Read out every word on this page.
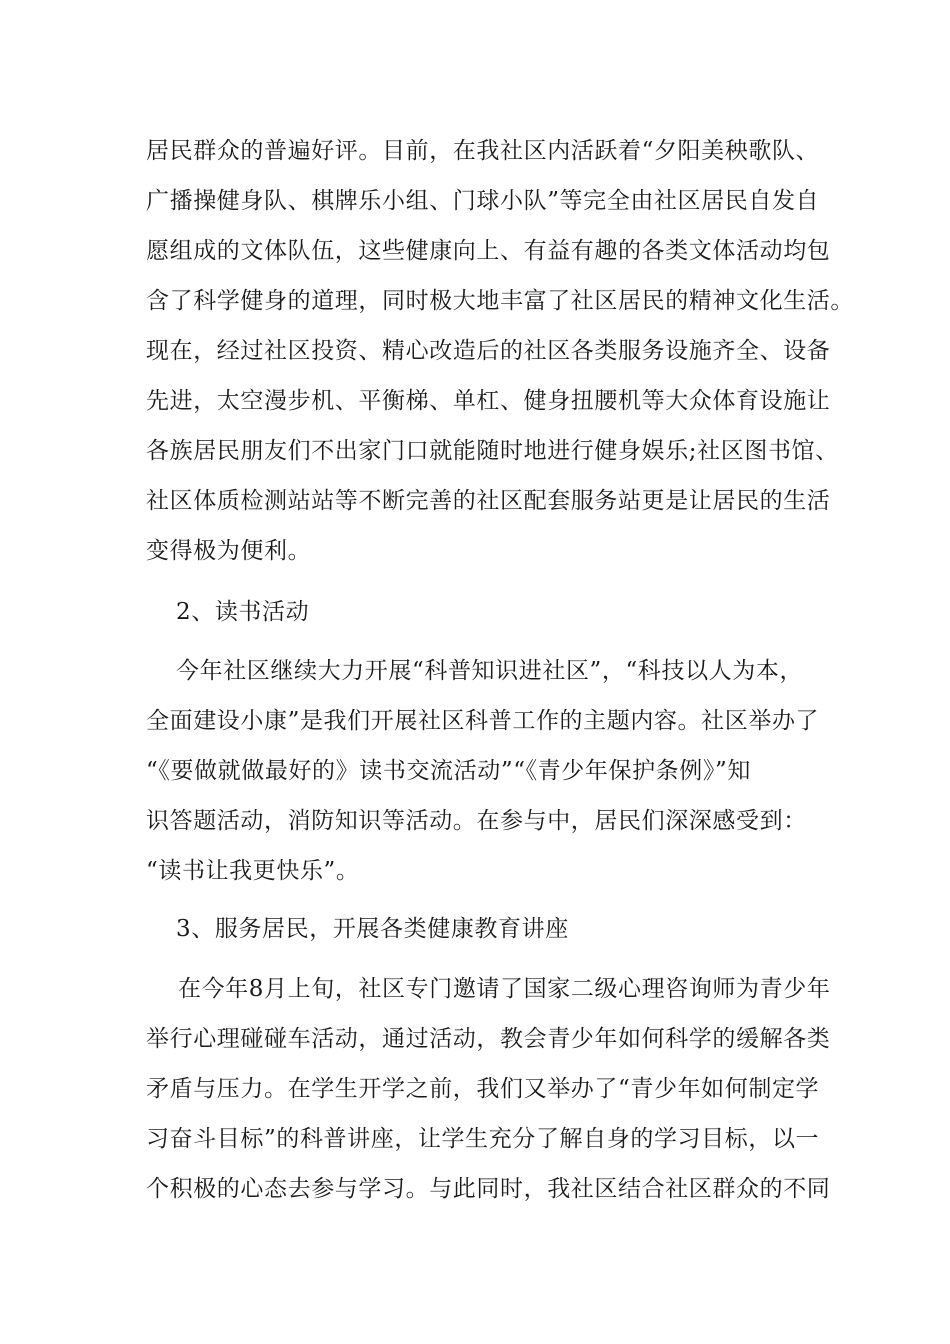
居民群众的普遍好评。目前，在我社区内活跃着“夕阳美秧歌队、
广播操健身队、棋牌乐小组、门球小队”等完全由社区居民自发自
愿组成的文体队伍，这些健康向上、有益有趣的各类文体活动均包
含了科学健身的道理，同时极大地丰富了社区居民的精神文化生活。
现在，经过社区投资、精心改造后的社区各类服务设施齐全、设备
先进，太空漫步机、平衡梯、单杠、健身扭腰机等大众体育设施让
各族居民朋友们不出家门口就能随时地进行健身娱乐;社区图书馆、
社区体质检测站站等不断完善的社区配套服务站更是让居民的生活
变得极为便利。
2、读书活动
今年社区继续大力开展“科普知识进社区”，“科技以人为本，
全面建设小康”是我们开展社区科普工作的主题内容。社区举办了
“《要做就做最好的》读书交流活动”“《青少年保护条例》”知
识答题活动，消防知识等活动。在参与中，居民们深深感受到：
“读书让我更快乐”。
3、服务居民，开展各类健康教育讲座
在今年8月上旬，社区专门邀请了国家二级心理咨询师为青少年
举行心理碰碰车活动，通过活动，教会青少年如何科学的缓解各类
矛盾与压力。在学生开学之前，我们又举办了“青少年如何制定学
习奋斗目标”的科普讲座，让学生充分了解自身的学习目标，以一
个积极的心态去参与学习。与此同时，我社区结合社区群众的不同
